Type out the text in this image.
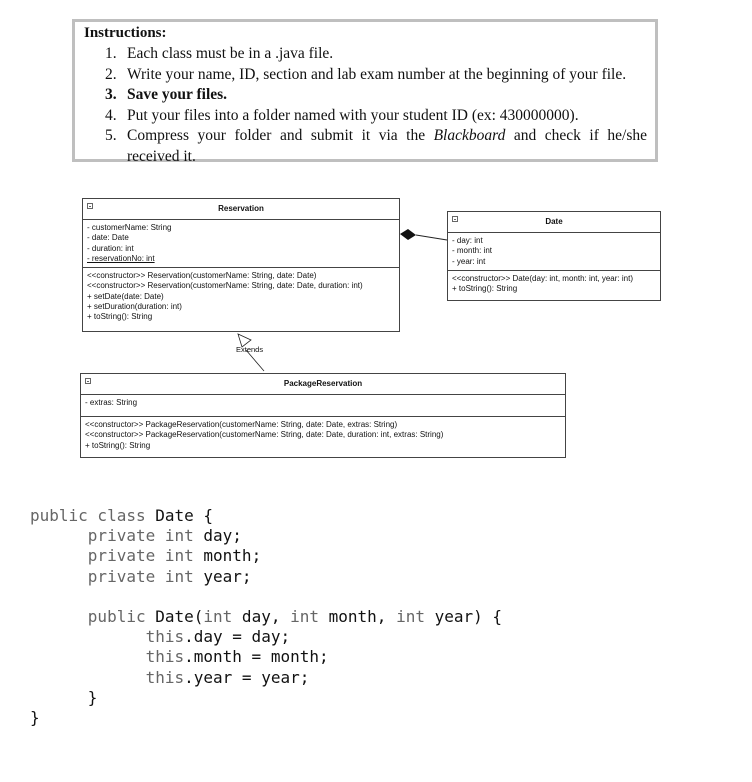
Instructions:
1. Each class must be in a .java file.
2. Write your name, ID, section and lab exam number at the beginning of your file.
3. Save your files.
4. Put your files into a folder named with your student ID (ex: 430000000).
5. Compress your folder and submit it via the Blackboard and check if he/she
received it.
Reservation
- customerName: String
- date: Date
- duration: int
- reservationNo: int
<<constructor>> Reservation(customerName: String, date: Date)
<<constructor>> Reservation(customerName: String, date: Date, duration: int)
+ setDate(date: Date)
+ setDuration(duration: int)
+ toString(): String
Date
- day: int
- month: int
- year: int
<<constructor>> Date(day: int, month: int, year: int)
+ toString(): String
Extends
PackageReservation
- extras: String
<<constructor>> PackageReservation(customerName: String, date: Date, extras: String)
<<constructor>> PackageReservation(customerName: String, date: Date, duration: int, extras: String)
+ toString(): String
public class Date {
private int day;
private int month;
private int year;

public Date(int day, int month, int year) {
this.day = day;
this.month = month;
this.year = year;
}
}
